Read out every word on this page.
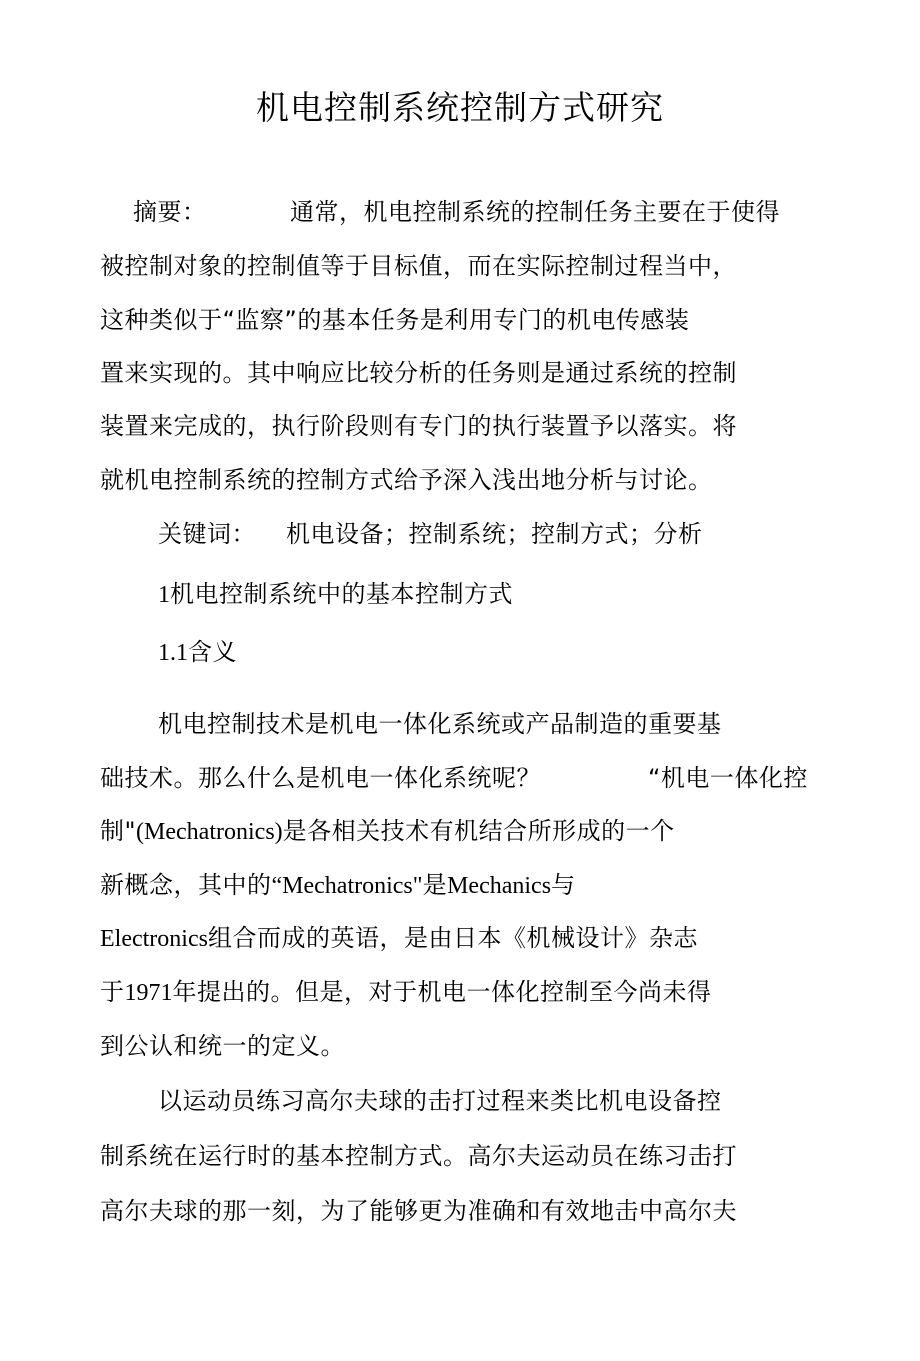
机电控制系统控制方式研究
摘要：	通常，机电控制系统的控制任务主要在于使得
被控制对象的控制值等于目标值，而在实际控制过程当中，
这种类似于“监察”的基本任务是利用专门的机电传感装
置来实现的。其中响应比较分析的任务则是通过系统的控制
装置来完成的，执行阶段则有专门的执行装置予以落实。将
就机电控制系统的控制方式给予深入浅出地分析与讨论。
关键词： 机电设备；控制系统；控制方式；分析
1机电控制系统中的基本控制方式
1.1含义
机电控制技术是机电一体化系统或产品制造的重要基
础技术。那么什么是机电一体化系统呢？	“机电一体化控
制"(Mechatronics)是各相关技术有机结合所形成的一个
新概念，其中的“Mechatronics"是Mechanics与
Electronics组合而成的英语，是由日本《机械设计》杂志
于1971年提出的。但是，对于机电一体化控制至今尚未得
到公认和统一的定义。
以运动员练习高尔夫球的击打过程来类比机电设备控
制系统在运行时的基本控制方式。高尔夫运动员在练习击打
高尔夫球的那一刻，为了能够更为准确和有效地击中高尔夫
